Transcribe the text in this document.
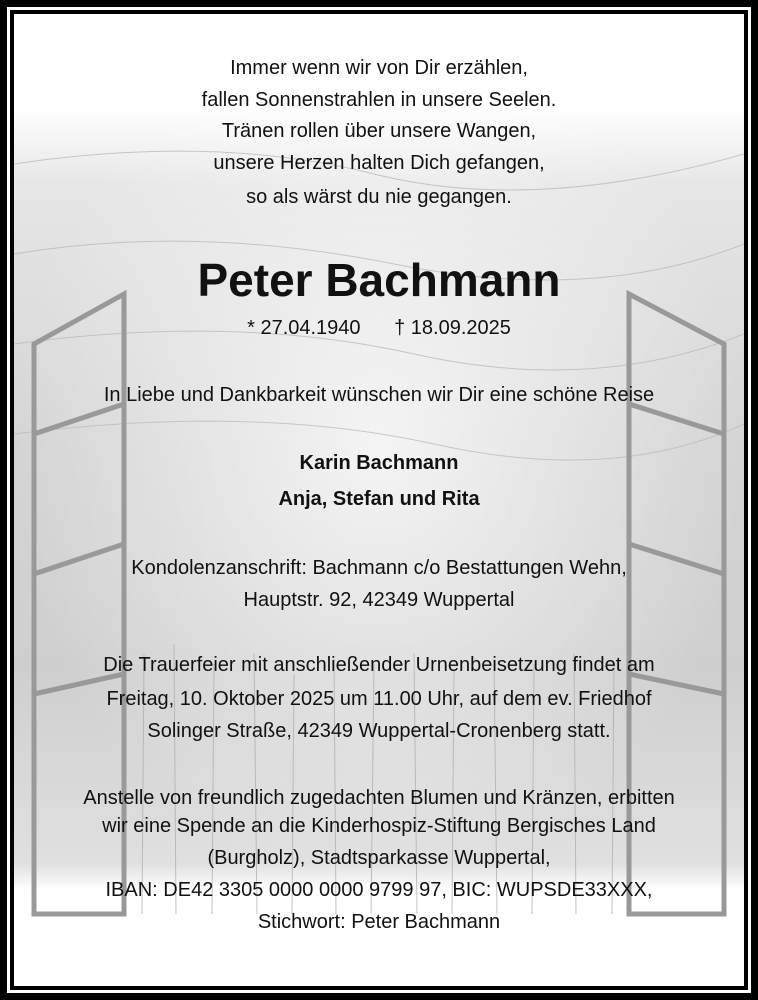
Immer wenn wir von Dir erzählen,
fallen Sonnenstrahlen in unsere Seelen.
Tränen rollen über unsere Wangen,
unsere Herzen halten Dich gefangen,
so als wärst du nie gegangen.
Peter Bachmann
* 27.04.1940 † 18.09.2025
In Liebe und Dankbarkeit wünschen wir Dir eine schöne Reise
Karin Bachmann
Anja, Stefan und Rita
Kondolenzanschrift: Bachmann c/o Bestattungen Wehn,
Hauptstr. 92, 42349 Wuppertal
Die Trauerfeier mit anschließender Urnenbeisetzung findet am
Freitag, 10. Oktober 2025 um 11.00 Uhr, auf dem ev. Friedhof
Solinger Straße, 42349 Wuppertal-Cronenberg statt.
Anstelle von freundlich zugedachten Blumen und Kränzen, erbitten
wir eine Spende an die Kinderhospiz-Stiftung Bergisches Land
(Burgholz), Stadtsparkasse Wuppertal,
IBAN: DE42 3305 0000 0000 9799 97, BIC: WUPSDE33XXX,
Stichwort: Peter Bachmann
